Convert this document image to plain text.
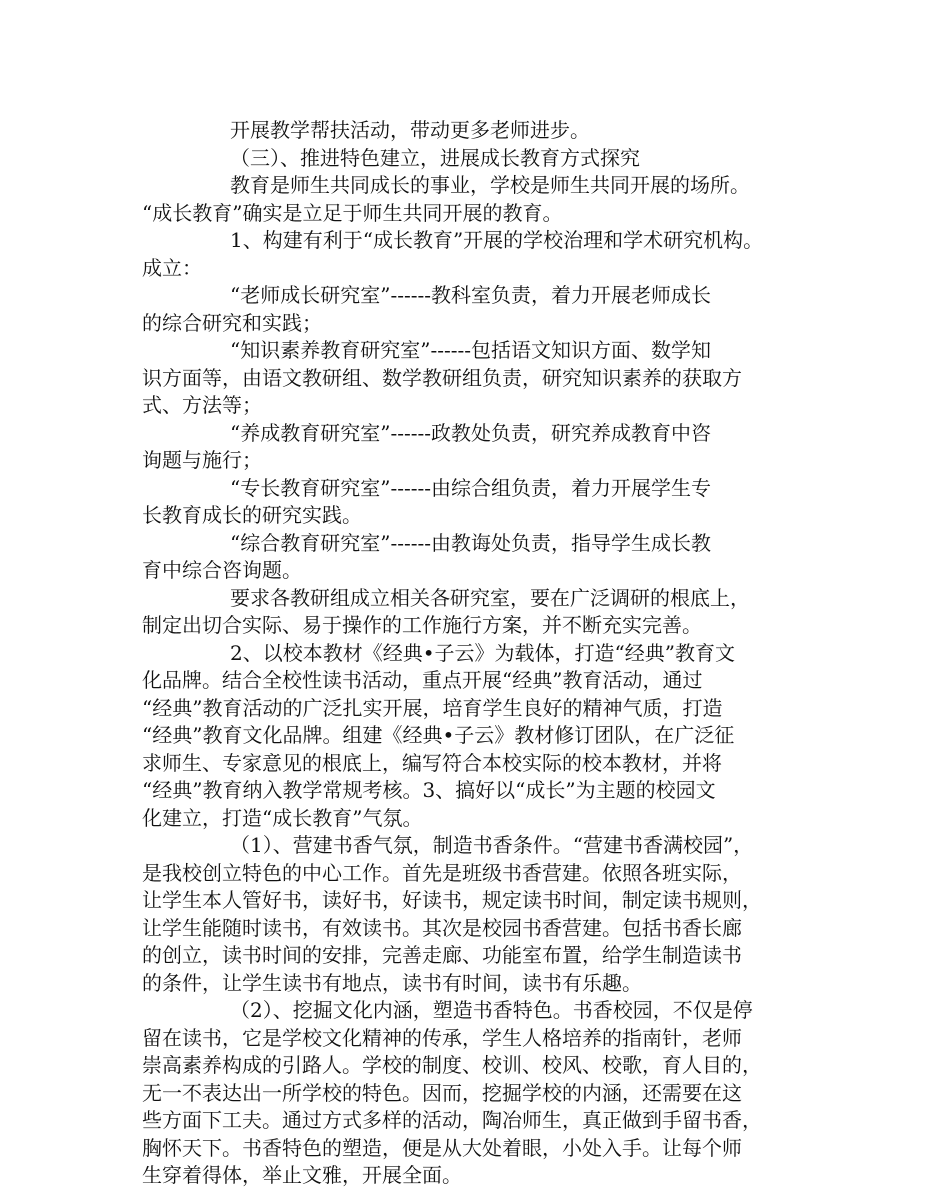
开展教学帮扶活动，带动更多老师进步。
（三）、推进特色建立，进展成长教育方式探究
教育是师生共同成长的事业，学校是师生共同开展的场所。
“成长教育”确实是立足于师生共同开展的教育。
1、构建有利于“成长教育”开展的学校治理和学术研究机构。
成立：
“老师成长研究室”------教科室负责，着力开展老师成长
的综合研究和实践；
“知识素养教育研究室”------包括语文知识方面、数学知
识方面等，由语文教研组、数学教研组负责，研究知识素养的获取方
式、方法等；
“养成教育研究室”------政教处负责，研究养成教育中咨
询题与施行；
“专长教育研究室”------由综合组负责，着力开展学生专
长教育成长的研究实践。
“综合教育研究室”------由教诲处负责，指导学生成长教
育中综合咨询题。
要求各教研组成立相关各研究室，要在广泛调研的根底上，
制定出切合实际、易于操作的工作施行方案，并不断充实完善。
2、以校本教材《经典•子云》为载体，打造“经典”教育文
化品牌。结合全校性读书活动，重点开展“经典”教育活动，通过
“经典”教育活动的广泛扎实开展，培育学生良好的精神气质，打造
“经典”教育文化品牌。组建《经典•子云》教材修订团队，在广泛征
求师生、专家意见的根底上，编写符合本校实际的校本教材，并将
“经典”教育纳入教学常规考核。3、搞好以“成长”为主题的校园文
化建立，打造“成长教育”气氛。
（1）、营建书香气氛，制造书香条件。“营建书香满校园”，
是我校创立特色的中心工作。首先是班级书香营建。依照各班实际，
让学生本人管好书，读好书，好读书，规定读书时间，制定读书规则，
让学生能随时读书，有效读书。其次是校园书香营建。包括书香长廊
的创立，读书时间的安排，完善走廊、功能室布置，给学生制造读书
的条件，让学生读书有地点，读书有时间，读书有乐趣。
（2）、挖掘文化内涵，塑造书香特色。书香校园，不仅是停
留在读书，它是学校文化精神的传承，学生人格培养的指南针，老师
崇高素养构成的引路人。学校的制度、校训、校风、校歌，育人目的，
无一不表达出一所学校的特色。因而，挖掘学校的内涵，还需要在这
些方面下工夫。通过方式多样的活动，陶冶师生，真正做到手留书香，
胸怀天下。书香特色的塑造，便是从大处着眼，小处入手。让每个师
生穿着得体，举止文雅，开展全面。
